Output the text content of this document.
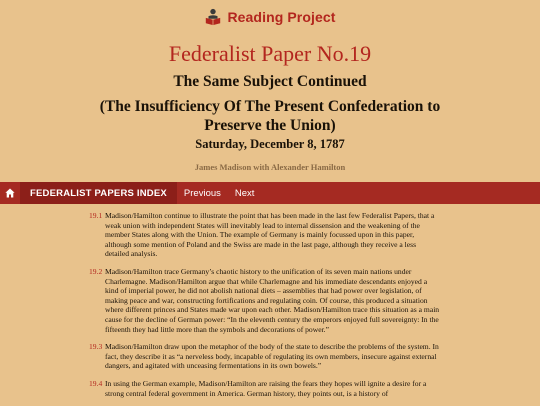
Reading Project
Federalist Paper No.19
The Same Subject Continued
(The Insufficiency Of The Present Confederation to Preserve the Union)
Saturday, December 8, 1787
James Madison with Alexander Hamilton
FEDERALIST PAPERS INDEX	Previous	Next
19.1 Madison/Hamilton continue to illustrate the point that has been made in the last few Federalist Papers, that a weak union with independent States will inevitably lead to internal dissension and the weakening of the member States along with the Union. The example of Germany is mainly focussed upon in this paper, although some mention of Poland and the Swiss are made in the last page, although they receive a less detailed analysis.
19.2 Madison/Hamilton trace Germany’s chaotic history to the unification of its seven main nations under Charlemagne. Madison/Hamilton argue that while Charlemagne and his immediate descendants enjoyed a kind of imperial power, he did not abolish national diets – assemblies that had power over legislation, of making peace and war, constructing fortifications and regulating coin. Of course, this produced a situation where different princes and States made war upon each other. Madison/Hamilton trace this situation as a main cause for the decline of German power: “In the eleventh century the emperors enjoyed full sovereignty: In the fifteenth they had little more than the symbols and decorations of power.”
19.3 Madison/Hamilton draw upon the metaphor of the body of the state to describe the problems of the system. In fact, they describe it as “a nerveless body, incapable of regulating its own members, insecure against external dangers, and agitated with unceasing fermentations in its own bowels.”
19.4 In using the German example, Madison/Hamilton are raising the fears they hopes will ignite a desire for a strong central federal government in America. German history, they points out, is a history of
